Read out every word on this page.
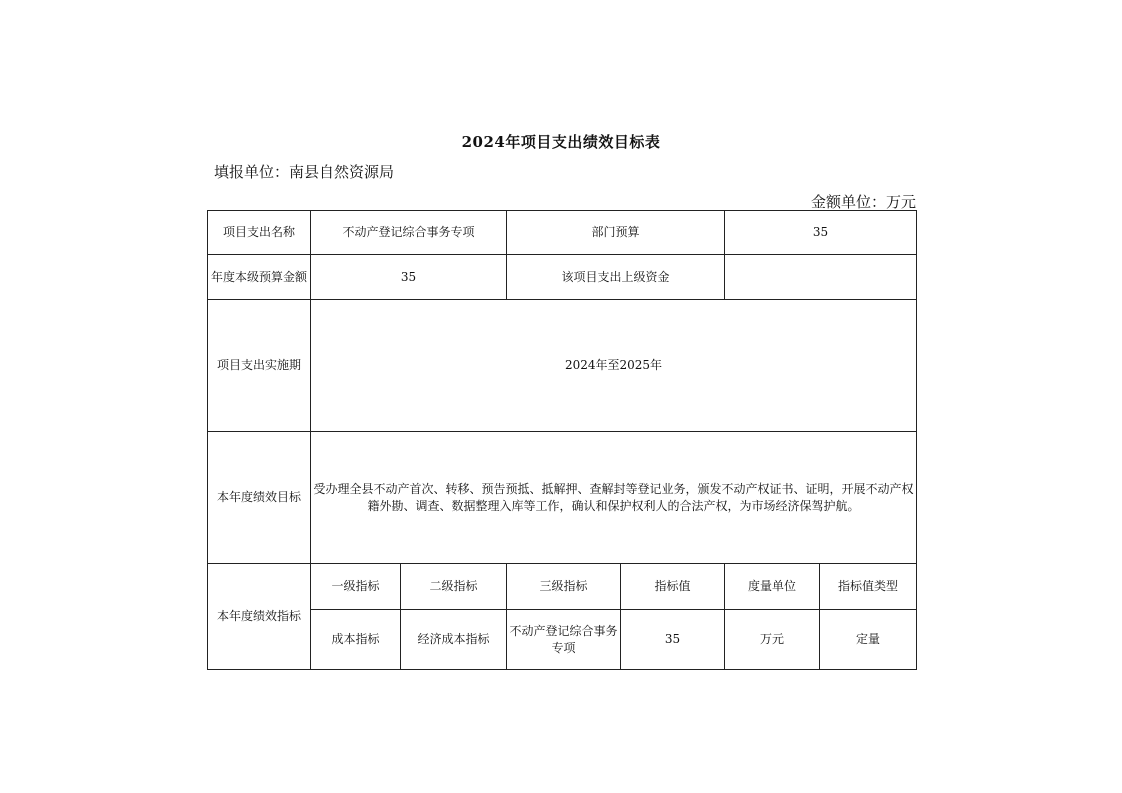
2024年项目支出绩效目标表
填报单位：南县自然资源局
金额单位：万元
项目支出名称	不动产登记综合事务专项		部门预算		35	
年度本级预算金额	35		该项目支出上级资金			
项目支出实施期	2024年至2025年					
本年度绩效目标	受办理全县不动产首次、转移、预告预抵、抵解押、查解封等登记业务，颁发不动产权证书、证明，开展不动产权籍外勘、调查、数据整理入库等工作，确认和保护权利人的合法产权，为市场经济保驾护航。					
本年度绩效指标	一级指标	二级指标	三级指标	指标值	度量单位	指标值类型
	成本指标	经济成本指标	不动产登记综合事务专项	35	万元	定量
